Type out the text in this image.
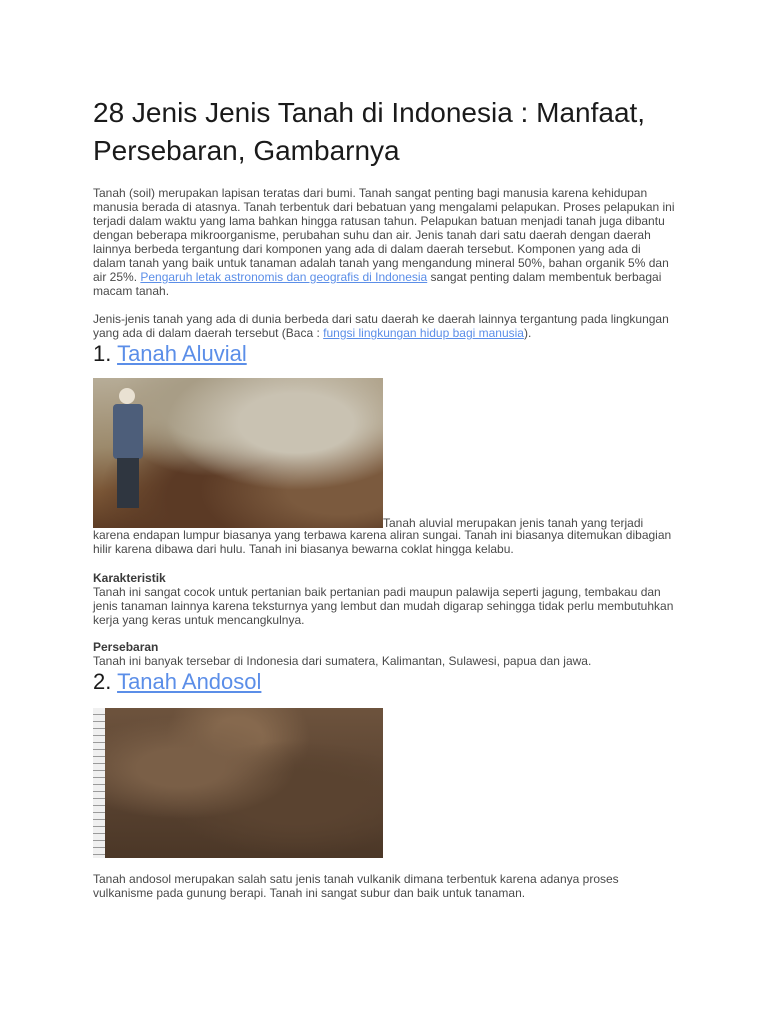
28 Jenis Jenis Tanah di Indonesia : Manfaat, Persebaran, Gambarnya

Tanah (soil) merupakan lapisan teratas dari bumi. Tanah sangat penting bagi manusia karena kehidupan manusia berada di atasnya. Tanah terbentuk dari bebatuan yang mengalami pelapukan. Proses pelapukan ini terjadi dalam waktu yang lama bahkan hingga ratusan tahun. Pelapukan batuan menjadi tanah juga dibantu dengan beberapa mikroorganisme, perubahan suhu dan air. Jenis tanah dari satu daerah dengan daerah lainnya berbeda tergantung dari komponen yang ada di dalam daerah tersebut. Komponen yang ada di dalam tanah yang baik untuk tanaman adalah tanah yang mengandung mineral 50%, bahan organik 5% dan air 25%. Pengaruh letak astronomis dan geografis di Indonesia sangat penting dalam membentuk berbagai macam tanah.

Jenis-jenis tanah yang ada di dunia berbeda dari satu daerah ke daerah lainnya tergantung pada lingkungan yang ada di dalam daerah tersebut (Baca : fungsi lingkungan hidup bagi manusia).

1. Tanah Aluvial
Tanah aluvial merupakan jenis tanah yang terjadi

karena endapan lumpur biasanya yang terbawa karena aliran sungai. Tanah ini biasanya ditemukan dibagian hilir karena dibawa dari hulu. Tanah ini biasanya bewarna coklat hingga kelabu.

Karakteristik
Tanah ini sangat cocok untuk pertanian baik pertanian padi maupun palawija seperti jagung, tembakau dan jenis tanaman lainnya karena teksturnya yang lembut dan mudah digarap sehingga tidak perlu membutuhkan kerja yang keras untuk mencangkulnya.

Persebaran
Tanah ini banyak tersebar di Indonesia dari sumatera, Kalimantan, Sulawesi, papua dan jawa.

2. Tanah Andosol

Tanah andosol merupakan salah satu jenis tanah vulkanik dimana terbentuk karena adanya proses vulkanisme pada gunung berapi. Tanah ini sangat subur dan baik untuk tanaman.
